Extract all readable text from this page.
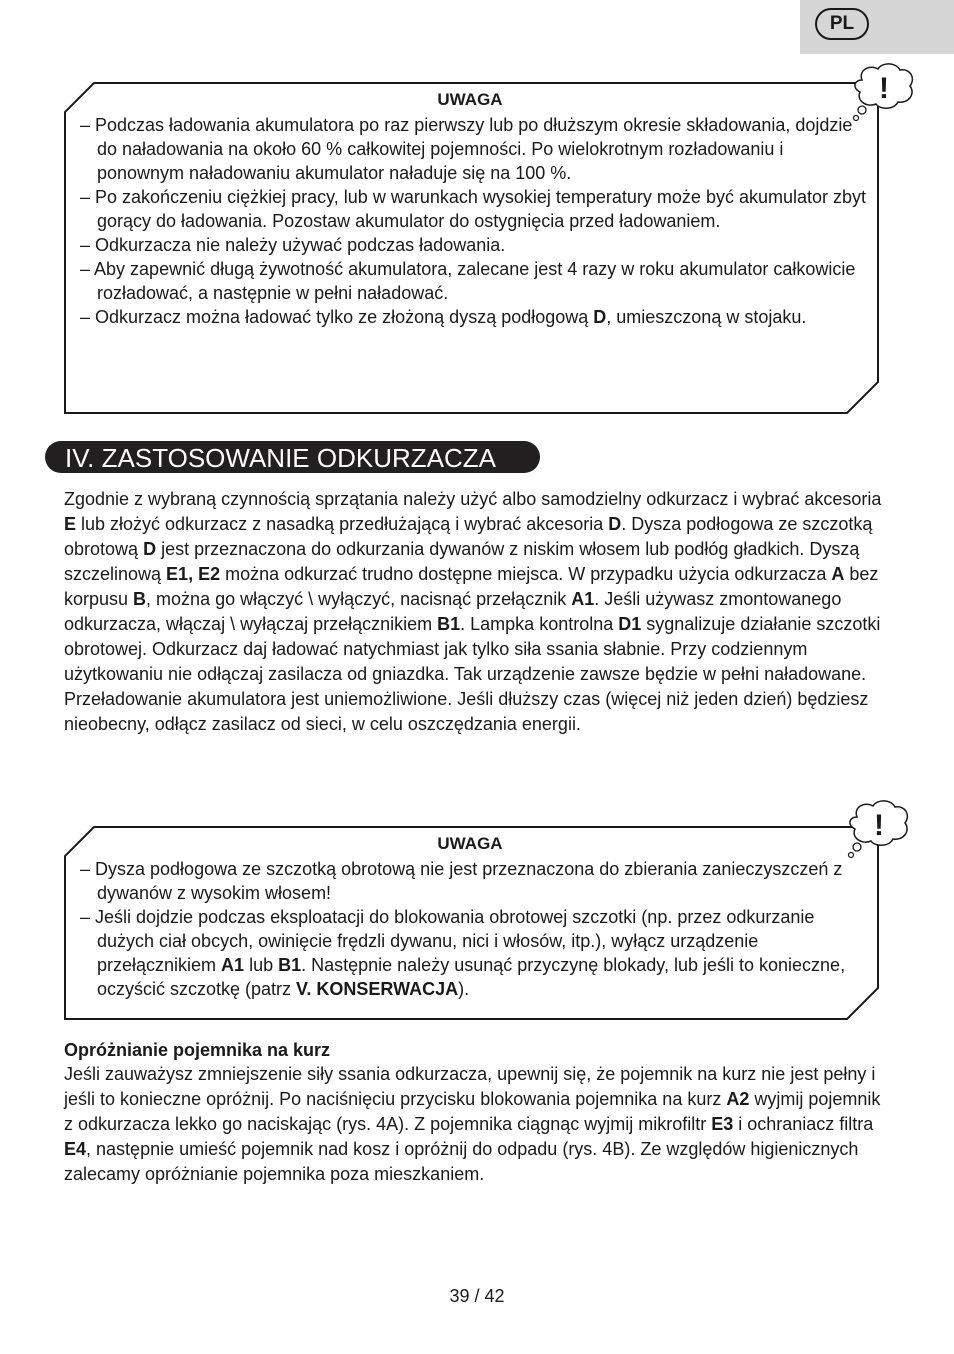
PL
UWAGA
– Podczas ładowania akumulatora po raz pierwszy lub po dłuższym okresie składowania, dojdzie do naładowania na około 60 % całkowitej pojemności. Po wielokrotnym rozładowaniu i ponownym naładowaniu akumulator naładuje się na 100 %.
– Po zakończeniu ciężkiej pracy, lub w warunkach wysokiej temperatury może być akumulator zbyt gorący do ładowania. Pozostaw akumulator do ostygnięcia przed ładowaniem.
– Odkurzacza nie należy używać podczas ładowania.
– Aby zapewnić długą żywotność akumulatora, zalecane jest 4 razy w roku akumulator całkowicie rozładować, a następnie w pełni naładować.
– Odkurzacz można ładować tylko ze złożoną dyszą podłogową D, umieszczoną w stojaku.
!
IV. ZASTOSOWANIE ODKURZACZA

Zgodnie z wybraną czynnością sprzątania należy użyć albo samodzielny odkurzacz i wybrać akcesoria E lub złożyć odkurzacz z nasadką przedłużającą i wybrać akcesoria D. Dysza podłogowa ze szczotką obrotową D jest przeznaczona do odkurzania dywanów z niskim włosem lub podłóg gładkich. Dyszą szczelinową E1, E2 można odkurzać trudno dostępne miejsca. W przypadku użycia odkurzacza A bez korpusu B, można go włączyć \ wyłączyć, nacisnąć przełącznik A1. Jeśli używasz zmontowanego odkurzacza, włączaj \ wyłączaj przełącznikiem B1. Lampka kontrolna D1 sygnalizuje działanie szczotki obrotowej. Odkurzacz daj ładować natychmiast jak tylko siła ssania słabnie. Przy codziennym użytkowaniu nie odłączaj zasilacza od gniazdka. Tak urządzenie zawsze będzie w pełni naładowane. Przeładowanie akumulatora jest uniemożliwione. Jeśli dłuższy czas (więcej niż jeden dzień) będziesz nieobecny, odłącz zasilacz od sieci, w celu oszczędzania energii.

UWAGA
– Dysza podłogowa ze szczotką obrotową nie jest przeznaczona do zbierania zanieczyszczeń z dywanów z wysokim włosem!
– Jeśli dojdzie podczas eksploatacji do blokowania obrotowej szczotki (np. przez odkurzanie dużych ciał obcych, owinięcie frędzli dywanu, nici i włosów, itp.), wyłącz urządzenie przełącznikiem A1 lub B1. Następnie należy usunąć przyczynę blokady, lub jeśli to konieczne, oczyścić szczotkę (patrz V. KONSERWACJA).
!
Opróżnianie pojemnika na kurz

Jeśli zauważysz zmniejszenie siły ssania odkurzacza, upewnij się, że pojemnik na kurz nie jest pełny i jeśli to konieczne opróżnij. Po naciśnięciu przycisku blokowania pojemnika na kurz A2 wyjmij pojemnik z odkurzacza lekko go naciskając (rys. 4A). Z pojemnika ciągnąc wyjmij mikrofiltr E3 i ochraniacz filtra E4, następnie umieść pojemnik nad kosz i opróżnij do odpadu (rys. 4B). Ze względów higienicznych zalecamy opróżnianie pojemnika poza mieszkaniem.

39 / 42
